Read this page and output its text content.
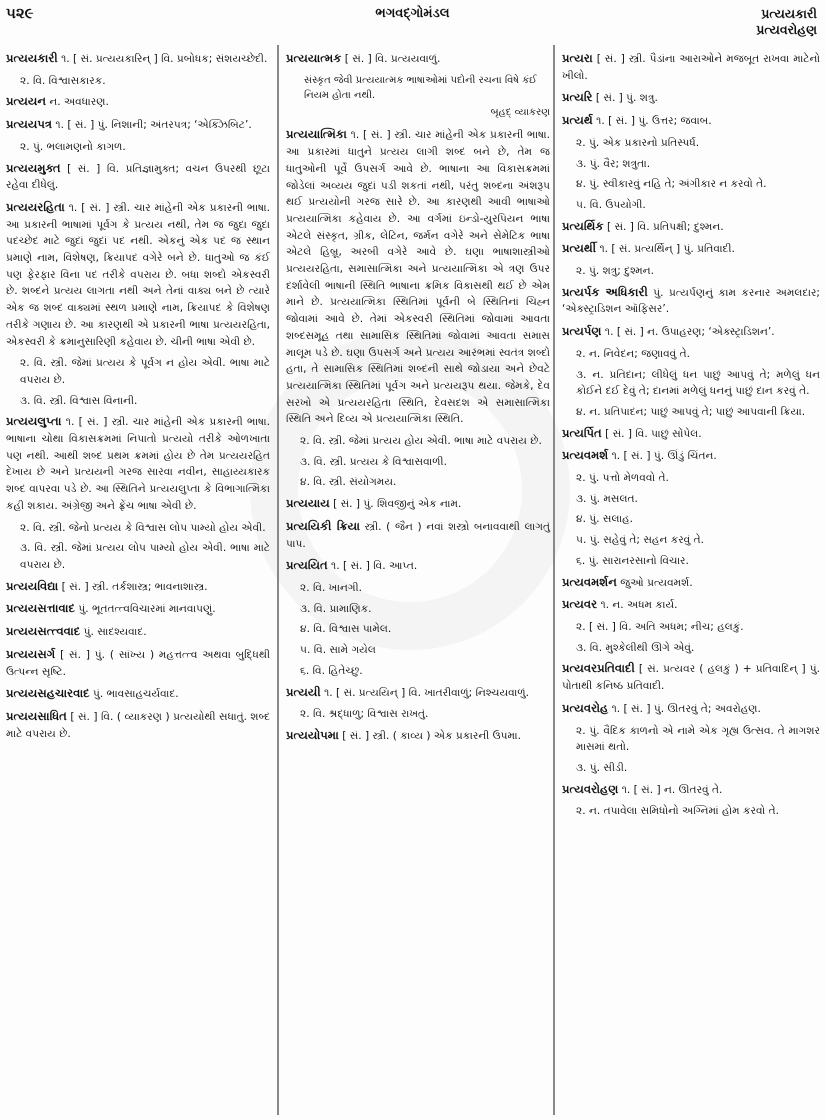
૫૨૯	ભગવદ્ગોમંડલ	પ્રત્યયકારી
પ્રત્યવરોહણ
પ્રત્યયકારી ૧. [ સં. પ્રત્યયકારિન્ ] વિ. પ્રબોધક; સંશયચ્છેદી.
૨. વિ. વિશ્વાસકારક.
પ્રત્યયન ન. અવધારણ.
પ્રત્યયપત્ર ૧. [ સં. ] પું. નિશાની; અંતરપત્ર; ‘એક્ઝિબિટ’.
૨. પું. ભલામણનો કાગળ.
પ્રત્યયમુક્ત [ સં. ] વિ. પ્રતિજ્ઞામુક્ત; વચન ઉપરથી છૂટા રહેવા દીધેલું.
પ્રત્યયરહિતા ૧. [ સં. ] સ્ત્રી. ચાર માંહેની એક પ્રકારની ભાષા. આ પ્રકારની ભાષામાં પૂર્વગ કે પ્રત્યય નથી, તેમ જ જુદા જુદા પદચ્છેદ માટે જુદાં જુદાં પદ નથી. એકનું એક પદ જ સ્થાન પ્રમાણે નામ, વિશેષણ, ક્રિયાપદ વગેરે બને છે. ધાતુઓ જ કંઈ પણ ફેરફાર વિના પદ તરીકે વપરાય છે. બધા શબ્દો એકસ્વરી છે. શબ્દને પ્રત્યય લાગતા નથી અને તેનાં વાક્ય બને છે ત્યારે એક જ શબ્દ વાક્યમાં સ્થળ પ્રમાણે નામ, ક્રિયાપદ કે વિશેષણ તરીકે ગણાય છે. આ કારણથી એ પ્રકારની ભાષા પ્રત્યયરહિતા, એકસ્વરી કે ક્રમાનુસારિણી કહેવાય છે. ચીની ભાષા એવી છે.
૨. વિ. સ્ત્રી. જેમાં પ્રત્યય કે પૂર્વગ ન હોય એવી. ભાષા માટે વપરાય છે.
૩. વિ. સ્ત્રી. વિશ્વાસ વિનાની.
પ્રત્યયલુપ્તા ૧. [ સં. ] સ્ત્રી. ચાર માંહેની એક પ્રકારની ભાષા. ભાષાના ચોથા વિકાસક્રમમાં નિપાતો પ્રત્યયો તરીકે ઓળખાતા પણ નથી. આથી શબ્દ પ્રથમ ક્રમમાં હોય છે તેમ પ્રત્યયરહિત દેખાય છે અને પ્રત્યયની ગરજ સારવા નવીન, સાહાય્યકારક શબ્દ વાપરવા પડે છે. આ સ્થિતિને પ્રત્યયલુપ્તા કે વિભાગાત્મિકા કહી શકાય. અંગ્રેજી અને ફ્રેંચ ભાષા એવી છે.
૨. વિ. સ્ત્રી. જેનો પ્રત્યય કે વિશ્વાસ લોપ પામ્યો હોય એવી.
૩. વિ. સ્ત્રી. જેમાં પ્રત્યય લોપ પામ્યો હોય એવી. ભાષા માટે વપરાય છે.
પ્રત્યયવિદ્યા [ સં. ] સ્ત્રી. તર્કશાસ્ત્ર; ભાવનાશાસ્ત્ર.
પ્રત્યયસત્તાવાદ પું. ભૂતતત્ત્વવિચારમાં માનવાપણું.
પ્રત્યયસત્ત્વવાદ પું. સાદશ્યવાદ.
પ્રત્યયસર્ગ [ સં. ] પું. ( સાંખ્ય ) મહત્તત્ત્વ અથવા બુદ્ધિથી ઉત્પન્ન સૃષ્ટિ.
પ્રત્યયસહચારવાદ પું. ભાવસાહચર્યવાદ.
પ્રત્યયસાધિત [ સં. ] વિ. ( વ્યાકરણ ) પ્રત્યયોથી સધાતું. શબ્દ માટે વપરાય છે.
પ્રત્યયાત્મક [ સં. ] વિ. પ્રત્યયવાળું.
સંસ્કૃત જેવી પ્રત્યયાત્મક ભાષાઓમાં પદોની રચના વિષે કંઈ નિયમ હોતા નથી.
બૃહદ્ વ્યાકરણ
પ્રત્યયાત્મિકા ૧. [ સં. ] સ્ત્રી. ચાર માંહેની એક પ્રકારની ભાષા. આ પ્રકારમાં ધાતુને પ્રત્યય લાગી શબ્દ બને છે, તેમ જ ધાતુઓની પૂર્વે ઉપસર્ગ આવે છે. ભાષાના આ વિકાસક્રમમાં જોડેલાં અવ્યય જુદાં પડી શકતાં નથી, પરંતુ શબ્દના અંશરૂપ થઈ પ્રત્યયોની ગરજ સારે છે. આ કારણથી આવી ભાષાઓ પ્રત્યયાત્મિકા કહેવાય છે. આ વર્ગમાં ઇન્ડો-યુરપિયન ભાષા એટલે સંસ્કૃત, ગ્રીક, લેટિન, જર્મન વગેરે અને સેમેટિક ભાષા એટલે હિબ્રૂ, અરબી વગેરે આવે છે. ઘણા ભાષાશાસ્ત્રીઓ પ્રત્યયરહિતા, સમાસાત્મિકા અને પ્રત્યયાત્મિકા એ ત્રણ ઉપર દર્શાવેલી ભાષાની સ્થિતિ ભાષાના ક્રમિક વિકાસથી થઈ છે એમ માને છે. પ્રત્યયાત્મિકા સ્થિતિમાં પૂર્વની બે સ્થિતિનાં ચિહ્ન જોવામાં આવે છે. તેમાં એકસ્વરી સ્થિતિમાં જોવામાં આવતા શબ્દસમૂહ તથા સામાસિક સ્થિતિમાં જોવામાં આવતા સમાસ માલૂમ પડે છે. ઘણા ઉપસર્ગ અને પ્રત્યય આરંભમાં સ્વતંત્ર શબ્દો હતા, તે સામાસિક સ્થિતિમાં શબ્દની સાથે જોડાયા અને છેવટે પ્રત્યયાત્મિકા સ્થિતિમાં પૂર્વગ અને પ્રત્યયરૂપ થયા. જેમકે, દેવ સરખો એ પ્રત્યયરહિતા સ્થિતિ, દેવસદશ એ સમાસાત્મિકા સ્થિતિ અને દિવ્ય એ પ્રત્યયાત્મિકા સ્થિતિ.
૨. વિ. સ્ત્રી. જેમાં પ્રત્યય હોય એવી. ભાષા માટે વપરાય છે.
૩. વિ. સ્ત્રી. પ્રત્યય કે વિશ્વાસવાળી.
૪. વિ. સ્ત્રી. સંયોગમય.
પ્રત્યયાય [ સં. ] પું. શિવજીનું એક નામ.
પ્રત્યયિકી ક્રિયા સ્ત્રી. ( જૈન ) નવાં શસ્ત્રો બનાવવાથી લાગતું પાપ.
પ્રત્યયિત ૧. [ સં. ] વિ. આપ્ત.
૨. વિ. ખાનગી.
૩. વિ. પ્રામાણિક.
૪. વિ. વિશ્વાસ પામેલ.
૫. વિ. સામે ગયેલ
૬. વિ. હિતેચ્છુ.
પ્રત્યયી ૧. [ સં. પ્રત્યયિન્ ] વિ. ખાતરીવાળું; નિશ્ચયવાળું.
૨. વિ. શ્રદ્ધાળુ; વિશ્વાસ રાખતું.
પ્રત્યયોપમા [ સં. ] સ્ત્રી. ( કાવ્ય ) એક પ્રકારની ઉપમા.
પ્રત્યરા [ સં. ] સ્ત્રી. પૈડાંના આરાઓને મજબૂત રાખવા માટેનો ખીલો.
પ્રત્યરિ [ સં. ] પું. શત્રુ.
પ્રત્યર્થ ૧. [ સં. ] પું. ઉત્તર; જવાબ.
૨. પું. એક પ્રકારનો પ્રતિસ્પર્ધ.
૩. પું. વૈર; શત્રુતા.
૪. પું. સ્વીકારવું નહિ તે; અંગીકાર ન કરવો તે.
૫. વિ. ઉપયોગી.
પ્રત્યર્થિક [ સં. ] વિ. પ્રતિપક્ષી; દુશ્મન.
પ્રત્યર્થી ૧. [ સં. પ્રત્યર્થિન્ ] પું. પ્રતિવાદી.
૨. પું. શત્રુ; દુશ્મન.
પ્રત્યર્પક અધિકારી પું. પ્રત્યર્પણનું કામ કરનાર અમલદાર; ‘એક્સ્ટ્રાડિશન ઑફિસર’.
પ્રત્યર્પણ ૧. [ સં. ] ન. ઉપાહરણ; ‘એક્સ્ટ્રાડિશન’.
૨. ન. નિવેદન; જણાવવું તે.
૩. ન. પ્રતિદાન; લીધેલું ધન પાછું આપવું તે; મળેલું ધન કોઈને દઈ દેવું તે; દાનમાં મળેલું ધનનું પાછું દાન કરવું તે.
૪. ન. પ્રતિપાદન; પાછું આપવું તે; પાછું આપવાની ક્રિયા.
પ્રત્યર્પિત [ સં. ] વિ. પાછું સોંપેલ.
પ્રત્યવમર્શ ૧. [ સં. ] પું. ઊંડું ચિંતન.
૨. પું. પત્તો મેળવવો તે.
૩. પું. મસલત.
૪. પું. સલાહ.
૫. પું. સહેવું તે; સહન કરવું તે.
૬. પું. સારાનરસાનો વિચાર.
પ્રત્યવમર્શન જુઓ પ્રત્યવમર્શ.
પ્રત્યવર ૧. ન. અધમ કાર્ય.
૨. [ સં. ] વિ. અતિ અધમ; નીચ; હલકું.
૩. વિ. મુશ્કેલીથી ઊગે એવું.
પ્રત્યવરપ્રતિવાદી [ સં. પ્રત્યવર ( હલકું ) + પ્રતિવાદિન્ ] પું. પોતાથી કનિષ્ઠ પ્રતિવાદી.
પ્રત્યવરોહ ૧. [ સં. ] પું. ઊતરવું તે; અવરોહણ.
૨. પું. વૈદિક કાળનો એ નામે એક ગૃહ્ય ઉત્સવ. તે માગશર માસમાં થતો.
૩. પું. સીડી.
પ્રત્યવરોહણ ૧. [ સં. ] ન. ઊતરવું તે.
૨. ન. તપાવેલા સમિધોનો અગ્નિમાં હોમ કરવો તે.
